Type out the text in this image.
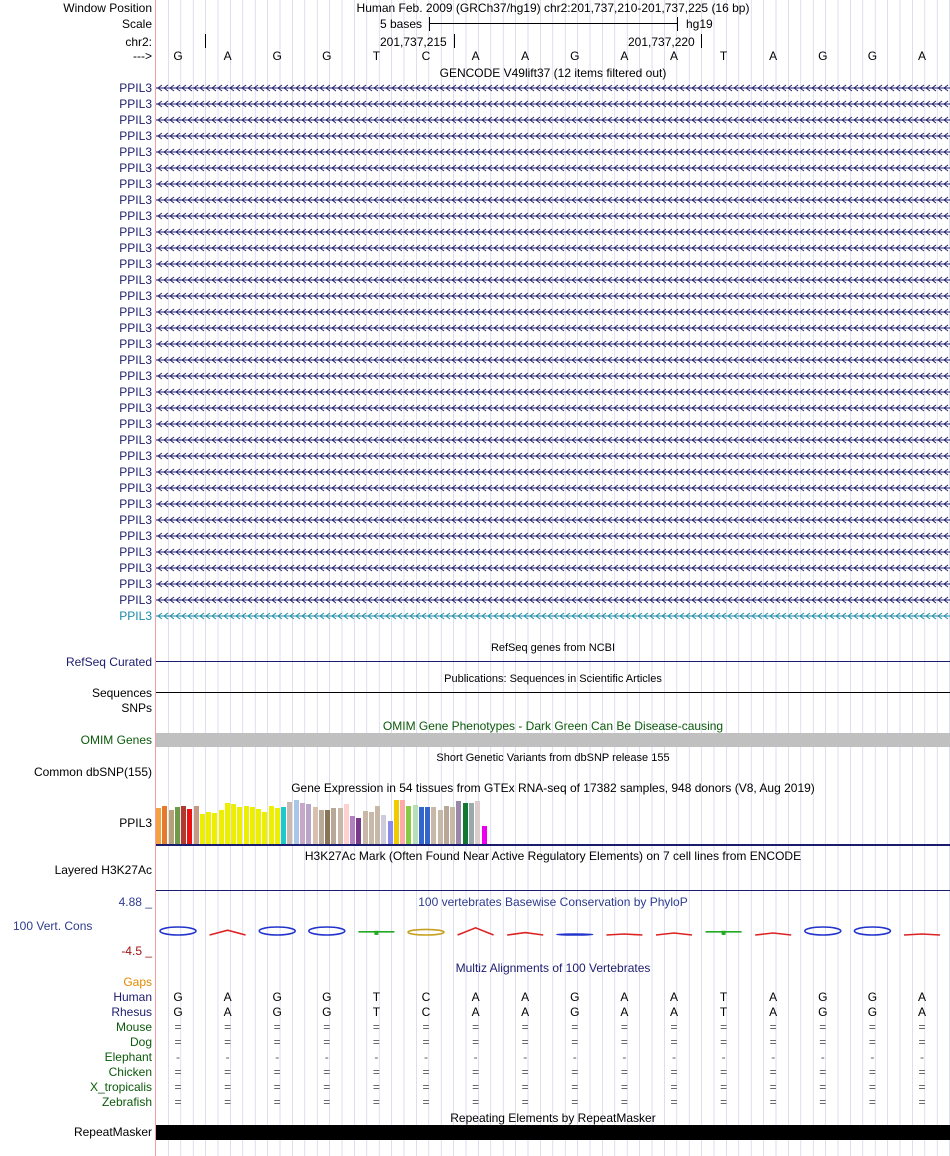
Window Position	Human Feb. 2009 (GRCh37/hg19) chr2:201,737,210-201,737,225 (16 bp)
Scale	5 bases	hg19
chr2:	201,737,215	201,737,220
--->	G	A	G	G	T	C	A	A	G	A	A	T	A	G	G	A
GENCODE V49lift37 (12 items filtered out)
PPIL3
PPIL3
PPIL3
PPIL3
PPIL3
PPIL3
PPIL3
PPIL3
PPIL3
PPIL3
PPIL3
PPIL3
PPIL3
PPIL3
PPIL3
PPIL3
PPIL3
PPIL3
PPIL3
PPIL3
PPIL3
PPIL3
PPIL3
PPIL3
PPIL3
PPIL3
PPIL3
PPIL3
PPIL3
PPIL3
PPIL3
PPIL3
PPIL3
PPIL3
RefSeq genes from NCBI
RefSeq Curated
Publications: Sequences in Scientific Articles
Sequences
SNPs
OMIM Gene Phenotypes - Dark Green Can Be Disease-causing
OMIM Genes
Short Genetic Variants from dbSNP release 155
Common dbSNP(155)
Gene Expression in 54 tissues from GTEx RNA-seq of 17382 samples, 948 donors (V8, Aug 2019)
PPIL3
H3K27Ac Mark (Often Found Near Active Regulatory Elements) on 7 cell lines from ENCODE
Layered H3K27Ac
100 vertebrates Basewise Conservation by PhyloP
4.88 _
100 Vert. Cons
-4.5 _
Multiz Alignments of 100 Vertebrates
Gaps
Human	G	A	G	G	T	C	A	A	G	A	A	T	A	G	G	A
Rhesus	G	A	G	G	T	C	A	A	G	A	A	T	A	G	G	A
Mouse	=	=	=	=	=	=	=	=	=	=	=	=	=	=	=	=
Dog	=	=	=	=	=	=	=	=	=	=	=	=	=	=	=	=
Elephant	-	-	-	-	-	-	-	-	-	-	-	-	-	-	-	-
Chicken	=	=	=	=	=	=	=	=	=	=	=	=	=	=	=	=
X_tropicalis	=	=	=	=	=	=	=	=	=	=	=	=	=	=	=	=
Zebrafish	=	=	=	=	=	=	=	=	=	=	=	=	=	=	=	=
Repeating Elements by RepeatMasker
RepeatMasker
